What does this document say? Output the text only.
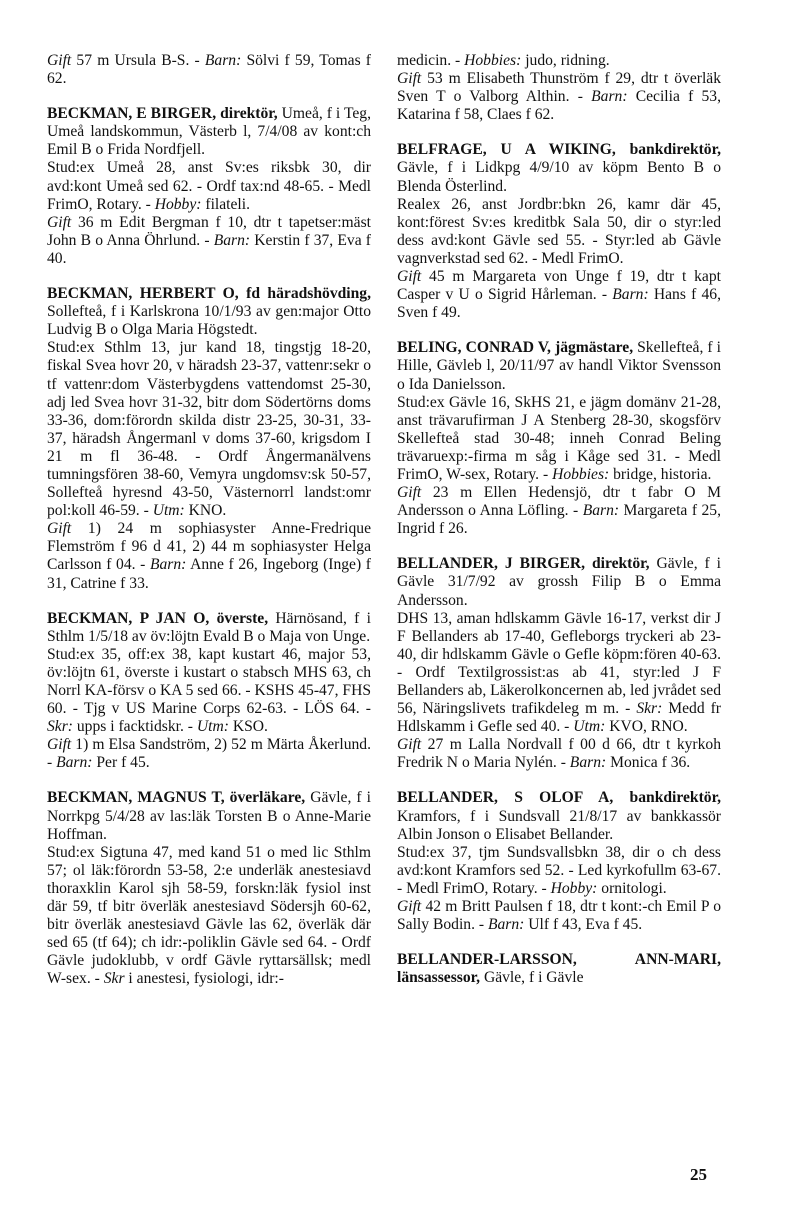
Gift 57 m Ursula B-S. - Barn: Sölvi f 59, Tomas f 62.

BECKMAN, E BIRGER, direktör, Umeå, f i Teg, Umeå landskommun, Västerb l, 7/4/08 av kont:ch Emil B o Frida Nordfjell.

Stud:ex Umeå 28, anst Sv:es riksbk 30, dir avd:kont Umeå sed 62. - Ordf tax:nd 48-65. - Medl FrimO, Rotary. - Hobby: filateli.

Gift 36 m Edit Bergman f 10, dtr t tapetser:mäst John B o Anna Öhrlund. - Barn: Kerstin f 37, Eva f 40.

BECKMAN, HERBERT O, fd häradshövding, Sollefteå, f i Karlskrona 10/1/93 av gen:major Otto Ludvig B o Olga Maria Högstedt.

Stud:ex Sthlm 13, jur kand 18, tingstjg 18-20, fiskal Svea hovr 20, v häradsh 23-37, vattenr:sekr o tf vattenr:dom Västerbygdens vattendomst 25-30, adj led Svea hovr 31-32, bitr dom Södertörns doms 33-36, dom:förordn skilda distr 23-25, 30-31, 33-37, häradsh Ångermanl v doms 37-60, krigsdom I 21 m fl 36-48. - Ordf Ångermanälvens tumningsfören 38-60, Vemyra ungdomsv:sk 50-57, Sollefteå hyresnd 43-50, Västernorrl landst:omr pol:koll 46-59. - Utm: KNO.

Gift 1) 24 m sophiasyster Anne-Fredrique Flemström f 96 d 41, 2) 44 m sophiasyster Helga Carlsson f 04. - Barn: Anne f 26, Ingeborg (Inge) f 31, Catrine f 33.

BECKMAN, P JAN O, överste, Härnösand, f i Sthlm 1/5/18 av öv:löjtn Evald B o Maja von Unge.

Stud:ex 35, off:ex 38, kapt kustart 46, major 53, öv:löjtn 61, överste i kustart o stabsch MHS 63, ch Norrl KA-försv o KA 5 sed 66. - KSHS 45-47, FHS 60. - Tjg v US Marine Corps 62-63. - LÖS 64. - Skr: upps i facktidskr. - Utm: KSO.

Gift 1) m Elsa Sandström, 2) 52 m Märta Åkerlund. - Barn: Per f 45.

BECKMAN, MAGNUS T, överläkare, Gävle, f i Norrkpg 5/4/28 av las:läk Torsten B o Anne-Marie Hoffman.

Stud:ex Sigtuna 47, med kand 51 o med lic Sthlm 57; ol läk:förordn 53-58, 2:e underläk anestesiavd thoraxklin Karol sjh 58-59, forskn:läk fysiol inst där 59, tf bitr överläk anestesiavd Södersjh 60-62, bitr överläk anestesiavd Gävle las 62, överläk där sed 65 (tf 64); ch idr:-poliklin Gävle sed 64. - Ordf Gävle judoklubb, v ordf Gävle ryttarsällsk; medl W-sex. - Skr i anestesi, fysiologi, idr:-

medicin. - Hobbies: judo, ridning.

Gift 53 m Elisabeth Thunström f 29, dtr t överläk Sven T o Valborg Althin. - Barn: Cecilia f 53, Katarina f 58, Claes f 62.

BELFRAGE, U A WIKING, bankdirektör, Gävle, f i Lidkpg 4/9/10 av köpm Bento B o Blenda Österlind.

Realex 26, anst Jordbr:bkn 26, kamr där 45, kont:förest Sv:es kreditbk Sala 50, dir o styr:led dess avd:kont Gävle sed 55. - Styr:led ab Gävle vagnverkstad sed 62. - Medl FrimO.

Gift 45 m Margareta von Unge f 19, dtr t kapt Casper v U o Sigrid Hårleman. - Barn: Hans f 46, Sven f 49.

BELING, CONRAD V, jägmästare, Skellefteå, f i Hille, Gävleb l, 20/11/97 av handl Viktor Svensson o Ida Danielsson.

Stud:ex Gävle 16, SkHS 21, e jägm domänv 21-28, anst trävarufirman J A Stenberg 28-30, skogsförv Skellefteå stad 30-48; inneh Conrad Beling trävaruexp:-firma m såg i Kåge sed 31. - Medl FrimO, W-sex, Rotary. - Hobbies: bridge, historia.

Gift 23 m Ellen Hedensjö, dtr t fabr O M Andersson o Anna Löfling. - Barn: Margareta f 25, Ingrid f 26.

BELLANDER, J BIRGER, direktör, Gävle, f i Gävle 31/7/92 av grossh Filip B o Emma Andersson.

DHS 13, aman hdlskamm Gävle 16-17, verkst dir J F Bellanders ab 17-40, Gefleborgs tryckeri ab 23-40, dir hdlskamm Gävle o Gefle köpm:fören 40-63. - Ordf Textilgrossist:as ab 41, styr:led J F Bellanders ab, Läkerolkoncernen ab, led jvrådet sed 56, Näringslivets trafikdeleg m m. - Skr: Medd fr Hdlskamm i Gefle sed 40. - Utm: KVO, RNO.

Gift 27 m Lalla Nordvall f 00 d 66, dtr t kyrkoh Fredrik N o Maria Nylén. - Barn: Monica f 36.

BELLANDER, S OLOF A, bankdirektör, Kramfors, f i Sundsvall 21/8/17 av bankkassör Albin Jonson o Elisabet Bellander.

Stud:ex 37, tjm Sundsvallsbkn 38, dir o ch dess avd:kont Kramfors sed 52. - Led kyrkofullm 63-67. - Medl FrimO, Rotary. - Hobby: ornitologi.

Gift 42 m Britt Paulsen f 18, dtr t kont:-ch Emil P o Sally Bodin. - Barn: Ulf f 43, Eva f 45.

BELLANDER-LARSSON, ANN-MARI, länsassessor, Gävle, f i Gävle

25
